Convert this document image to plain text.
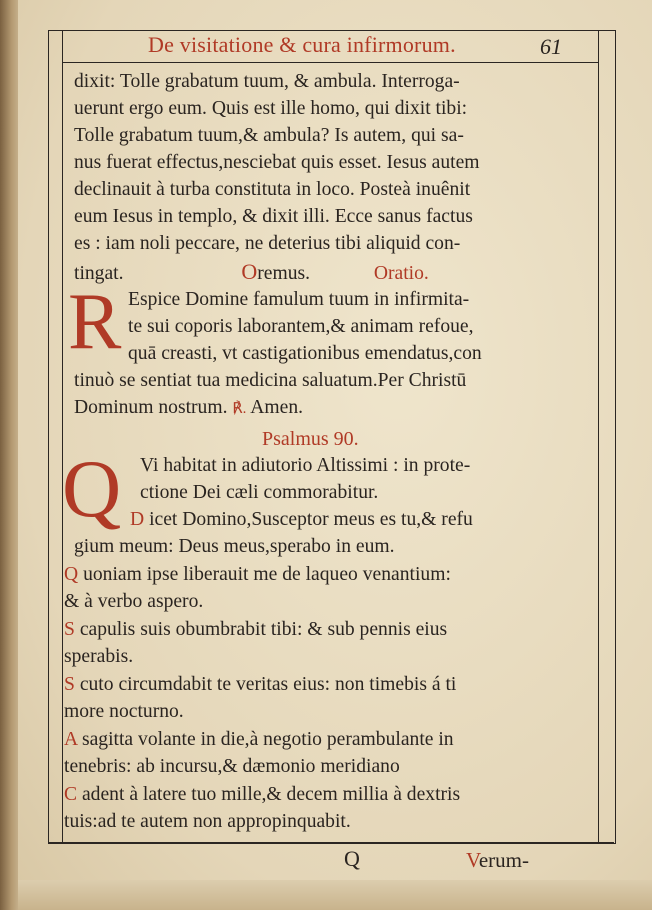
De visitatione & cura infirmorum.	61
dixit: Tolle grabatum tuum, & ambula. Interroga-
uerunt ergo eum. Quis est ille homo, qui dixit tibi:
Tolle grabatum tuum,& ambula? Is autem, qui sa-
nus fuerat effectus,nesciebat quis esset. Iesus autem
declinauit à turba constituta in loco. Posteà inuênit
eum Iesus in templo, & dixit illi. Ecce sanus factus
es : iam noli peccare, ne deterius tibi aliquid con-
tingat.	Oremus.	Oratio.
R Espice Domine famulum tuum in infirmita-
te sui coporis laborantem,& animam refoue,
quā creasti, vt castigationibus emendatus,con
tinuò se sentiat tua medicina saluatum.Per Christū
Dominum nostrum. ℟. Amen.
Psalmus 90.
Q Vi habitat in adiutorio Altissimi : in prote-
ctione Dei cæli commorabitur.
D icet Domino,Susceptor meus es tu,& refu
gium meum: Deus meus,sperabo in eum.
Q uoniam ipse liberauit me de laqueo venantium:
& à verbo aspero.
S capulis suis obumbrabit tibi: & sub pennis eius
sperabis.
S cuto circumdabit te veritas eius: non timebis á ti
more nocturno.
A sagitta volante in die,à negotio perambulante in
tenebris: ab incursu,& dæmonio meridiano
C adent à latere tuo mille,& decem millia à dextris
tuis:ad te autem non appropinquabit.
Q	Verum-
